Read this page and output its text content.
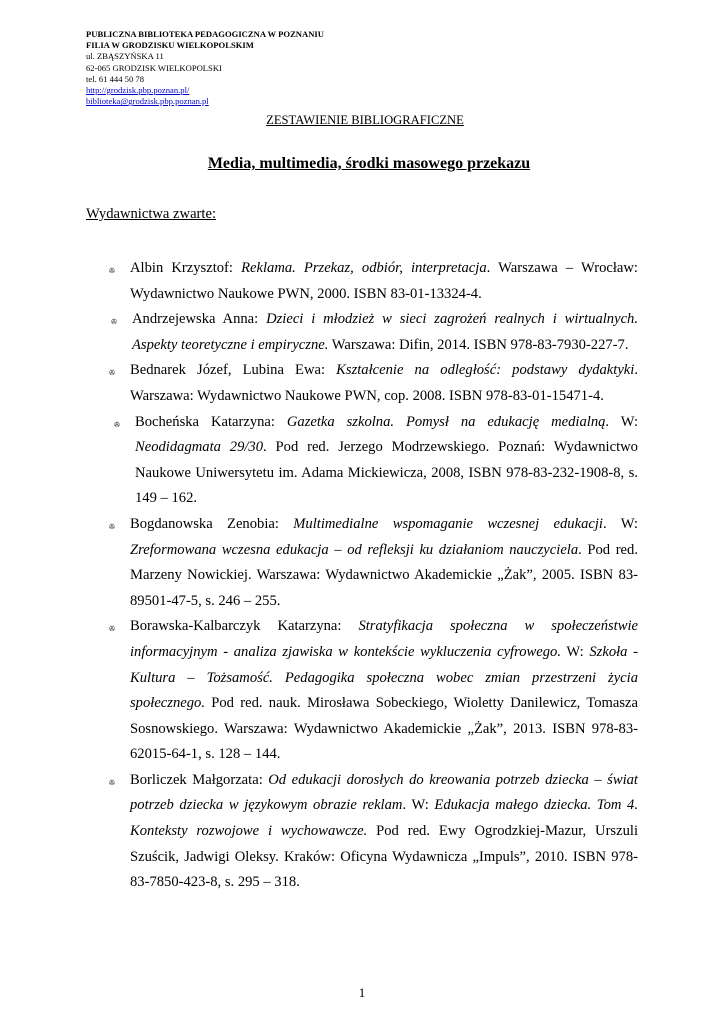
PUBLICZNA BIBLIOTEKA PEDAGOGICZNA W POZNANIU
FILIA W GRODZISKU WIELKOPOLSKIM
ul. ZBĄSZYŃSKA 11
62-065 GRODZISK WIELKOPOLSKI
tel. 61 444 50 78
http://grodzisk.pbp.poznan.pl/
biblioteka@grodzisk.pbp.poznan.pl
ZESTAWIENIE BIBLIOGRAFICZNE
Media, multimedia, środki masowego przekazu
Wydawnictwa zwarte:
✇ Albin Krzysztof: Reklama. Przekaz, odbiór, interpretacja. Warszawa – Wrocław: Wydawnictwo Naukowe PWN, 2000. ISBN 83-01-13324-4.
✇ Andrzejewska Anna: Dzieci i młodzież w sieci zagrożeń realnych i wirtualnych. Aspekty teoretyczne i empiryczne. Warszawa: Difin, 2014. ISBN 978-83-7930-227-7.
✇ Bednarek Józef, Lubina Ewa: Kształcenie na odległość: podstawy dydaktyki. Warszawa: Wydawnictwo Naukowe PWN, cop. 2008. ISBN 978-83-01-15471-4.
✇ Bocheńska Katarzyna: Gazetka szkolna. Pomysł na edukację medialną. W: Neodidagmata 29/30. Pod red. Jerzego Modrzewskiego. Poznań: Wydawnictwo Naukowe Uniwersytetu im. Adama Mickiewicza, 2008, ISBN 978-83-232-1908-8, s. 149 – 162.
✇ Bogdanowska Zenobia: Multimedialne wspomaganie wczesnej edukacji. W: Zreformowana wczesna edukacja – od refleksji ku działaniom nauczyciela. Pod red. Marzeny Nowickiej. Warszawa: Wydawnictwo Akademickie „Żak”, 2005. ISBN 83-89501-47-5, s. 246 – 255.
✇ Borawska-Kalbarczyk Katarzyna: Stratyfikacja społeczna w społeczeństwie informacyjnym - analiza zjawiska w kontekście wykluczenia cyfrowego. W: Szkoła - Kultura – Tożsamość. Pedagogika społeczna wobec zmian przestrzeni życia społecznego. Pod red. nauk. Mirosława Sobeckiego, Wioletty Danilewicz, Tomasza Sosnowskiego. Warszawa: Wydawnictwo Akademickie „Żak”, 2013. ISBN 978-83-62015-64-1, s. 128 – 144.
✇ Borliczek Małgorzata: Od edukacji dorosłych do kreowania potrzeb dziecka – świat potrzeb dziecka w językowym obrazie reklam. W: Edukacja małego dziecka. Tom 4. Konteksty rozwojowe i wychowawcze. Pod red. Ewy Ogrodzkiej-Mazur, Urszuli Szuścik, Jadwigi Oleksy. Kraków: Oficyna Wydawnicza „Impuls”, 2010. ISBN 978-83-7850-423-8, s. 295 – 318.
1
